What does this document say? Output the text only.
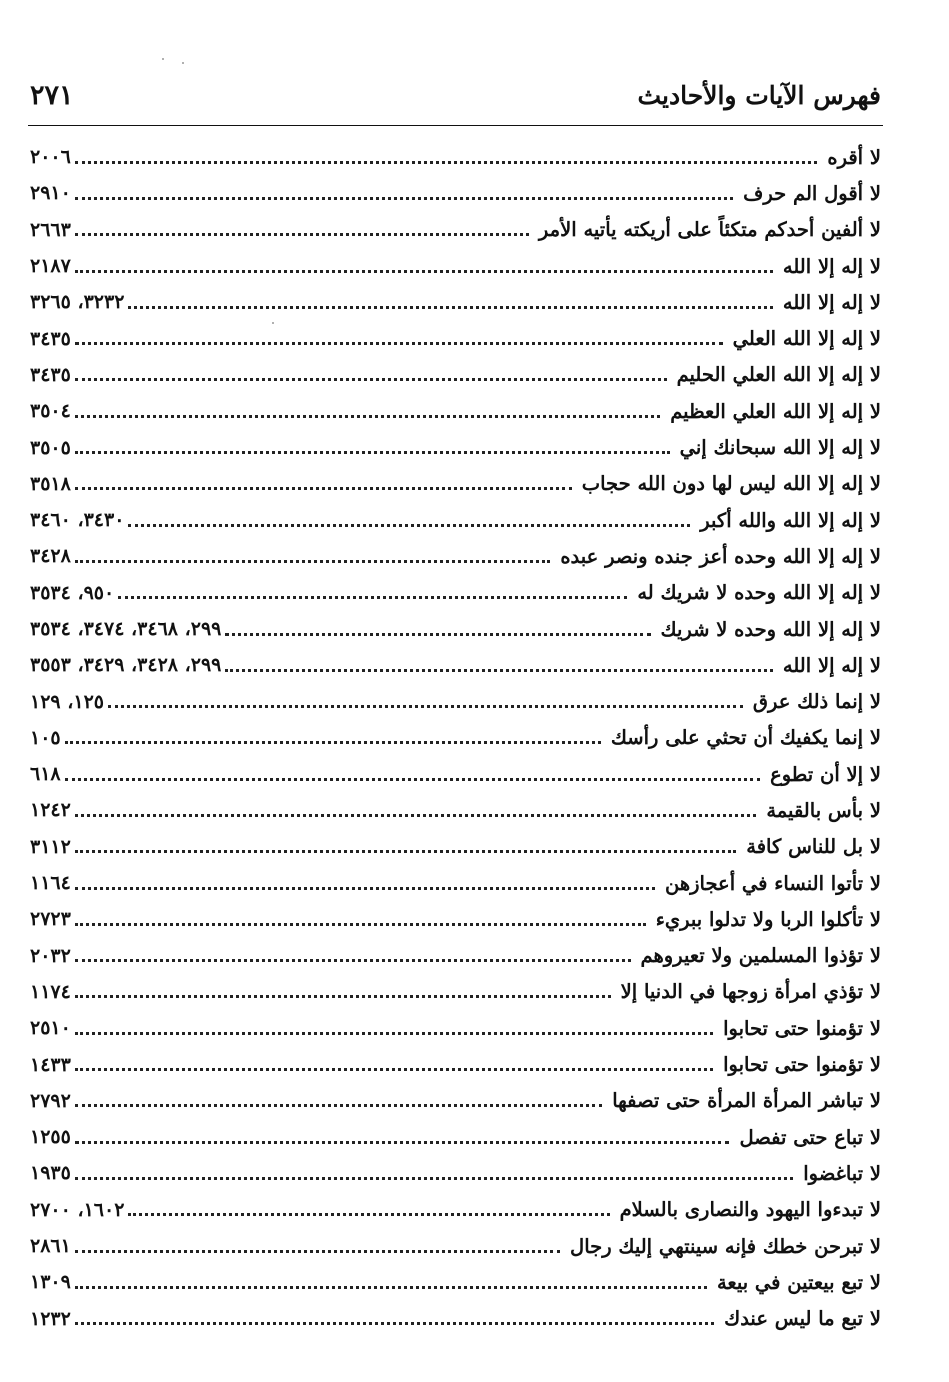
٢٧١	فهرس الآيات والأحاديث
لا أقره
٢٠٠٦
لا أقول الم حرف
٢٩١٠
لا ألفين أحدكم متكئاً على أريكته يأتيه الأمر
٢٦٦٣
لا إله إلا الله
٢١٨٧
لا إله إلا الله
٣٢٣٢، ٣٢٦٥
لا إله إلا الله العلي
٣٤٣٥
لا إله إلا الله العلي الحليم
٣٤٣٥
لا إله إلا الله العلي العظيم
٣٥٠٤
لا إله إلا الله سبحانك إني
٣٥٠٥
لا إله إلا الله ليس لها دون الله حجاب
٣٥١٨
لا إله إلا الله والله أكبر
٣٤٣٠، ٣٤٦٠
لا إله إلا الله وحده أعز جنده ونصر عبده
٣٤٢٨
لا إله إلا الله وحده لا شريك له
٩٥٠، ٣٥٣٤
لا إله إلا الله وحده لا شريك
٢٩٩، ٣٤٦٨، ٣٤٧٤، ٣٥٣٤
لا إله إلا الله
٢٩٩، ٣٤٢٨، ٣٤٢٩، ٣٥٥٣
لا إنما ذلك عرق
١٢٥، ١٢٩
لا إنما يكفيك أن تحثي على رأسك
١٠٥
لا إلا أن تطوع
٦١٨
لا بأس بالقيمة
١٢٤٢
لا بل للناس كافة
٣١١٢
لا تأتوا النساء في أعجازهن
١١٦٤
لا تأكلوا الربا ولا تدلوا ببريء
٢٧٢٣
لا تؤذوا المسلمين ولا تعيروهم
٢٠٣٢
لا تؤذي امرأة زوجها في الدنيا إلا
١١٧٤
لا تؤمنوا حتى تحابوا
٢٥١٠
لا تؤمنوا حتى تحابوا
١٤٣٣
لا تباشر المرأة المرأة حتى تصفها
٢٧٩٢
لا تباع حتى تفصل
١٢٥٥
لا تباغضوا
١٩٣٥
لا تبدءوا اليهود والنصارى بالسلام
١٦٠٢، ٢٧٠٠
لا تبرحن خطك فإنه سينتهي إليك رجال
٢٨٦١
لا تبع بيعتين في بيعة
١٣٠٩
لا تبع ما ليس عندك
١٢٣٢
